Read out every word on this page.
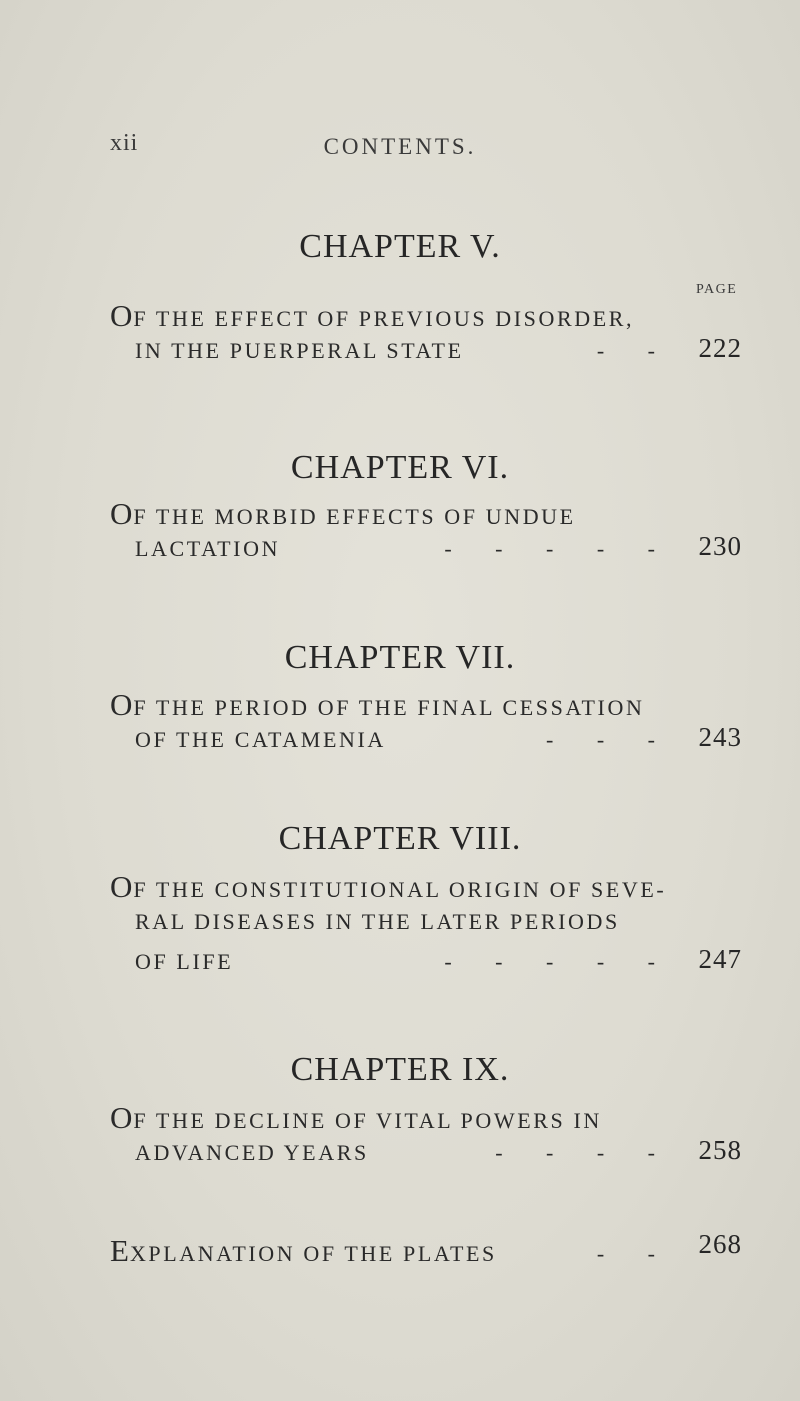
xii	CONTENTS.
CHAPTER V.
PAGE
OF THE EFFECT OF PREVIOUS DISORDER,
IN THE PUERPERAL STATE	- -	222
CHAPTER VI.
OF THE MORBID EFFECTS OF UNDUE
LACTATION	- - - - -	230
CHAPTER VII.
OF THE PERIOD OF THE FINAL CESSATION
OF THE CATAMENIA	- - -	243
CHAPTER VIII.
OF THE CONSTITUTIONAL ORIGIN OF SEVE-
RAL DISEASES IN THE LATER PERIODS
OF LIFE	- - - - -	247
CHAPTER IX.
OF THE DECLINE OF VITAL POWERS IN
ADVANCED YEARS	- - - -	258
EXPLANATION OF THE PLATES	- -	268
